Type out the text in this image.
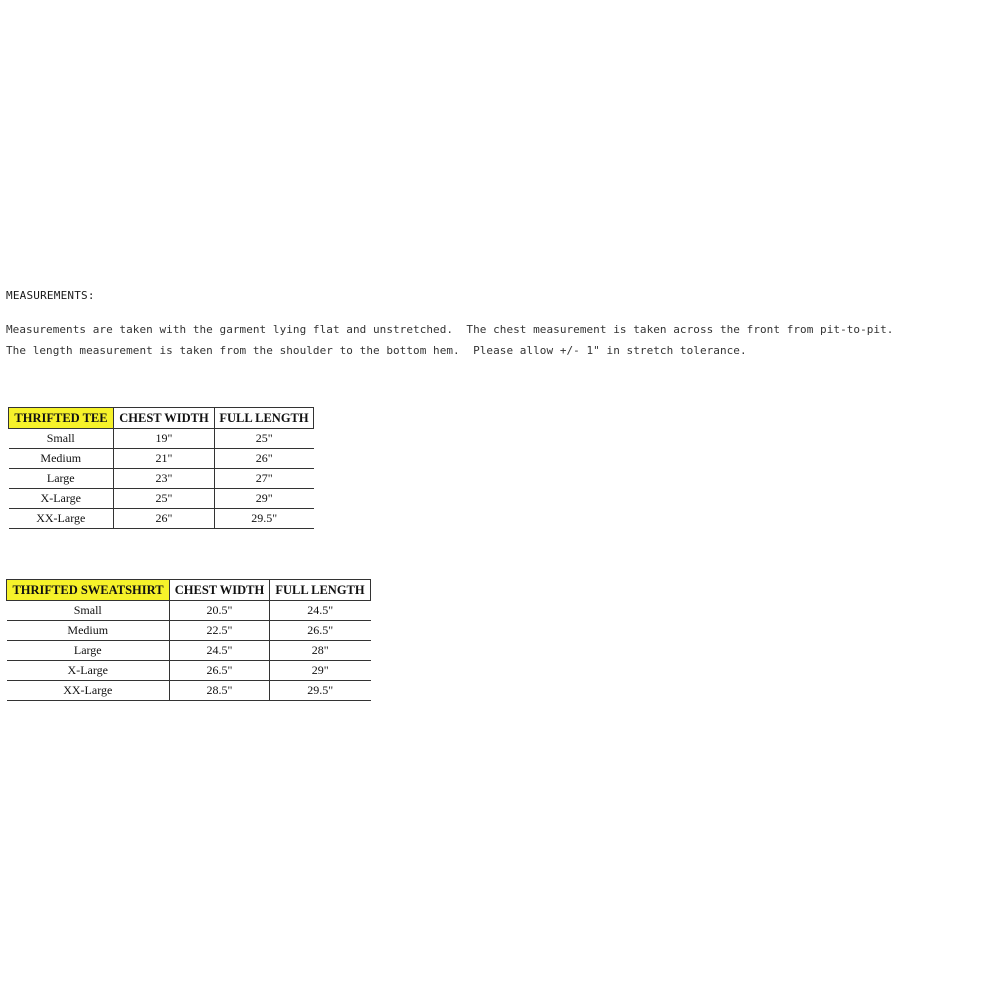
MEASUREMENTS:

Measurements are taken with the garment lying flat and unstretched.  The chest measurement is taken across the front from pit-to-pit.

The length measurement is taken from the shoulder to the bottom hem.  Please allow +/- 1" in stretch tolerance.

THRIFTED TEE	CHEST WIDTH	FULL LENGTH
Small	19"	25"
Medium	21"	26"
Large	23"	27"
X-Large	25"	29"
XX-Large	26"	29.5"
THRIFTED SWEATSHIRT	CHEST WIDTH	FULL LENGTH
Small	20.5"	24.5"
Medium	22.5"	26.5"
Large	24.5"	28"
X-Large	26.5"	29"
XX-Large	28.5"	29.5"
